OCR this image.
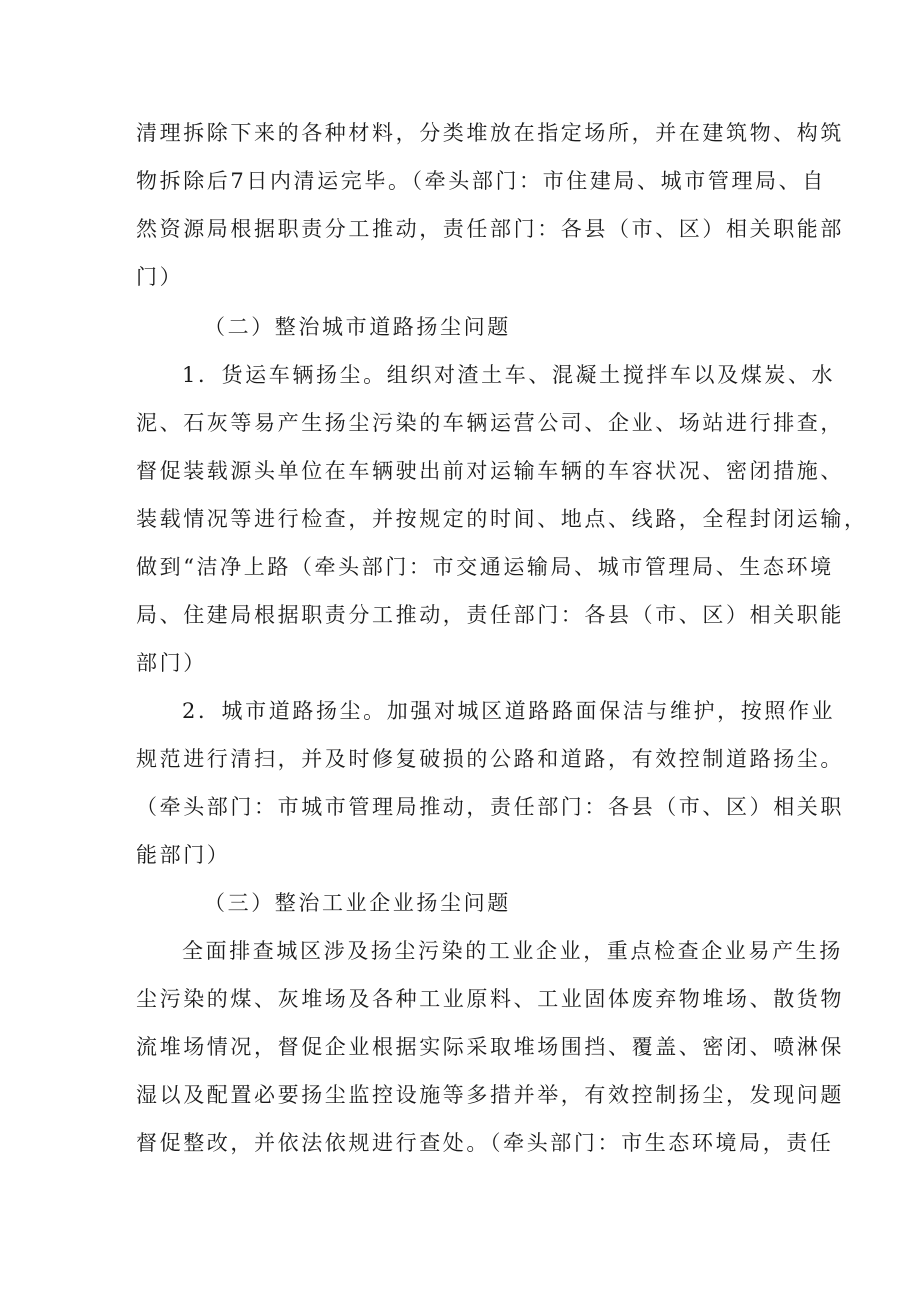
清理拆除下来的各种材料，分类堆放在指定场所，并在建筑物、构筑
物拆除后7日内清运完毕。（牵头部门：市住建局、城市管理局、自
然资源局根据职责分工推动，责任部门：各县（市、区）相关职能部
门）
（二）整治城市道路扬尘问题
1．货运车辆扬尘。组织对渣土车、混凝土搅拌车以及煤炭、水
泥、石灰等易产生扬尘污染的车辆运营公司、企业、场站进行排查，
督促装载源头单位在车辆驶出前对运输车辆的车容状况、密闭措施、
装载情况等进行检查，并按规定的时间、地点、线路，全程封闭运输，
做到“洁净上路（牵头部门：市交通运输局、城市管理局、生态环境
局、住建局根据职责分工推动，责任部门：各县（市、区）相关职能
部门）
2．城市道路扬尘。加强对城区道路路面保洁与维护，按照作业
规范进行清扫，并及时修复破损的公路和道路，有效控制道路扬尘。
（牵头部门：市城市管理局推动，责任部门：各县（市、区）相关职
能部门）
（三）整治工业企业扬尘问题
全面排查城区涉及扬尘污染的工业企业，重点检查企业易产生扬
尘污染的煤、灰堆场及各种工业原料、工业固体废弃物堆场、散货物
流堆场情况，督促企业根据实际采取堆场围挡、覆盖、密闭、喷淋保
湿以及配置必要扬尘监控设施等多措并举，有效控制扬尘，发现问题
督促整改，并依法依规进行查处。（牵头部门：市生态环境局，责任
